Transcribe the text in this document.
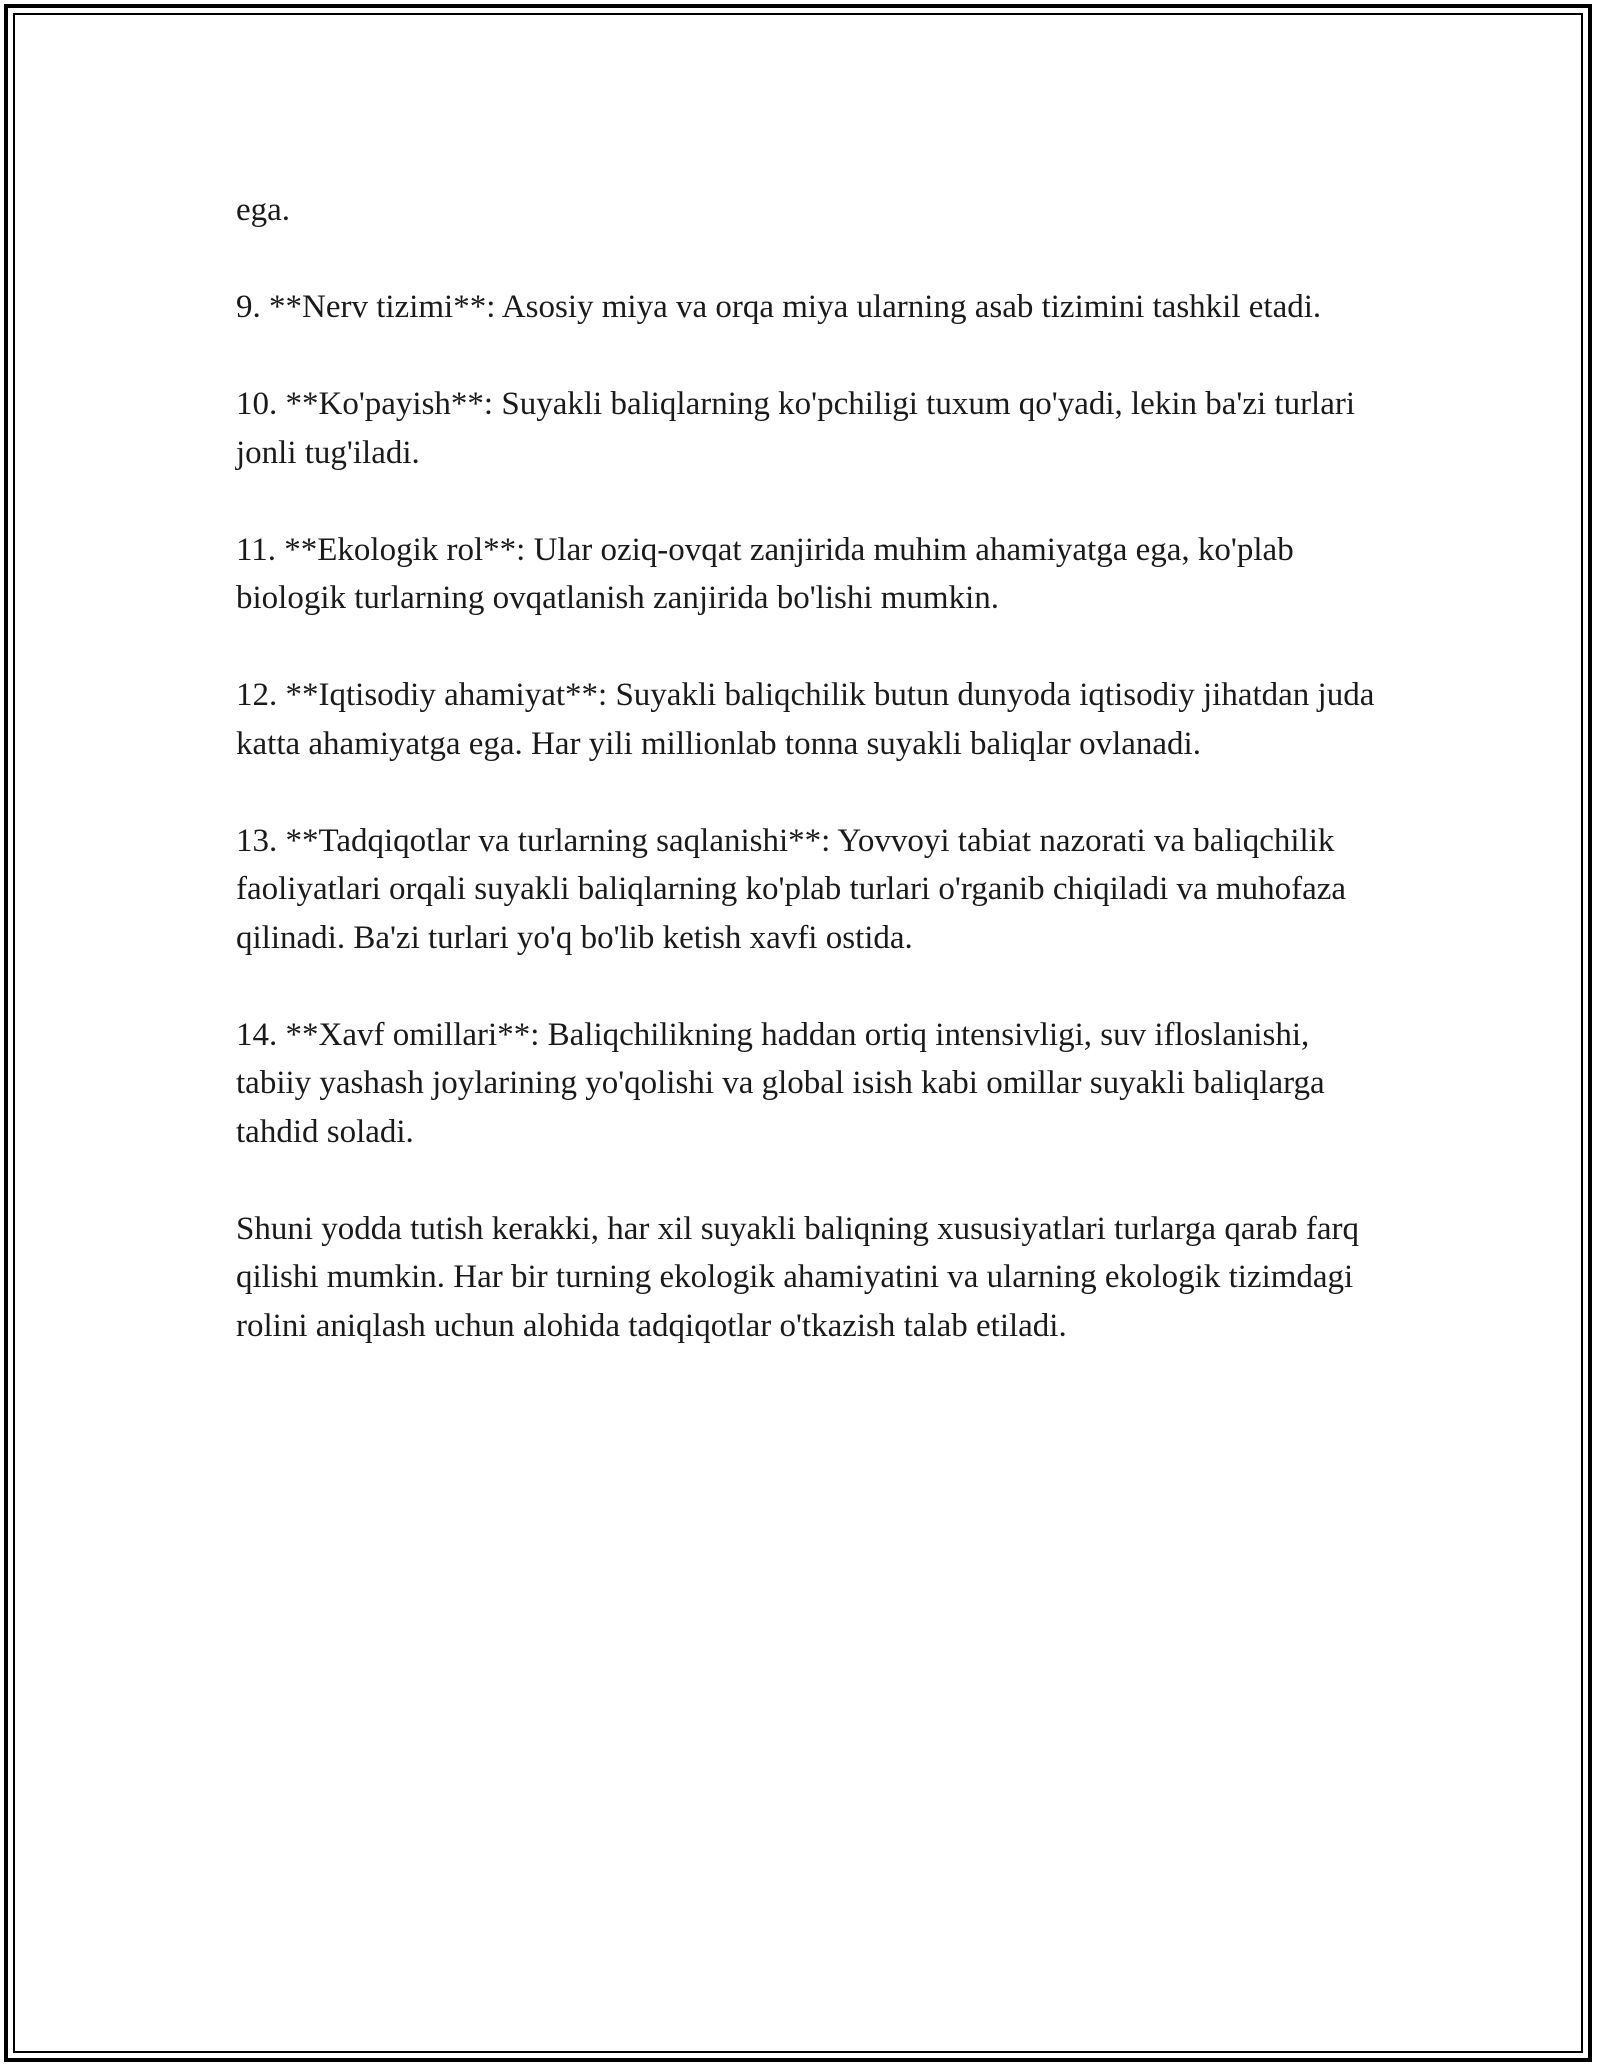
ega.

9. **Nerv tizimi**: Asosiy miya va orqa miya ularning asab tizimini tashkil etadi.

10. **Ko'payish**: Suyakli baliqlarning ko'pchiligi tuxum qo'yadi, lekin ba'zi turlari jonli tug'iladi.

11. **Ekologik rol**: Ular oziq-ovqat zanjirida muhim ahamiyatga ega, ko'plab biologik turlarning ovqatlanish zanjirida bo'lishi mumkin.

12. **Iqtisodiy ahamiyat**: Suyakli baliqchilik butun dunyoda iqtisodiy jihatdan juda katta ahamiyatga ega. Har yili millionlab tonna suyakli baliqlar ovlanadi.

13. **Tadqiqotlar va turlarning saqlanishi**: Yovvoyi tabiat nazorati va baliqchilik faoliyatlari orqali suyakli baliqlarning ko'plab turlari o'rganib chiqiladi va muhofaza qilinadi. Ba'zi turlari yo'q bo'lib ketish xavfi ostida.

14. **Xavf omillari**: Baliqchilikning haddan ortiq intensivligi, suv ifloslanishi, tabiiy yashash joylarining yo'qolishi va global isish kabi omillar suyakli baliqlarga tahdid soladi.

Shuni yodda tutish kerakki, har xil suyakli baliqning xususiyatlari turlarga qarab farq qilishi mumkin. Har bir turning ekologik ahamiyatini va ularning ekologik tizimdagi rolini aniqlash uchun alohida tadqiqotlar o'tkazish talab etiladi.
